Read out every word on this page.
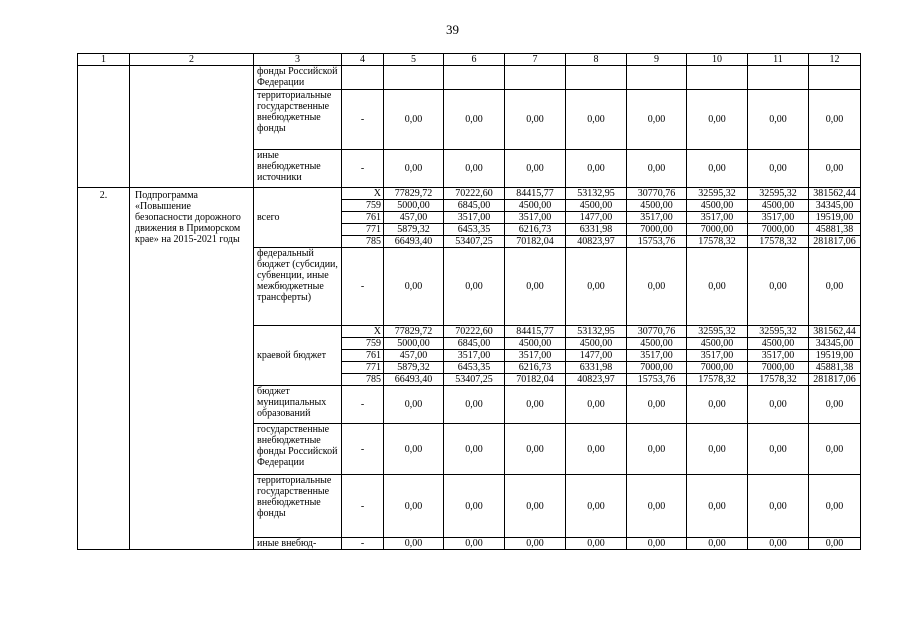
39
1	2	3	4	5	6	7	8	9	10	11	12
		фонды Российской Федерации									
		территориальные государственные внебюджетные фонды	-	0,00	0,00	0,00	0,00	0,00	0,00	0,00	0,00
		иные внебюджетные источники	-	0,00	0,00	0,00	0,00	0,00	0,00	0,00	0,00
2.	Подпрограмма «Повышение безопасности дорожного движения в Приморском крае» на 2015-2021 годы	всего	X	77829,72	70222,60	84415,77	53132,95	30770,76	32595,32	32595,32	381562,44
			759	5000,00	6845,00	4500,00	4500,00	4500,00	4500,00	4500,00	34345,00
			761	457,00	3517,00	3517,00	1477,00	3517,00	3517,00	3517,00	19519,00
			771	5879,32	6453,35	6216,73	6331,98	7000,00	7000,00	7000,00	45881,38
			785	66493,40	53407,25	70182,04	40823,97	15753,76	17578,32	17578,32	281817,06
		федеральный бюджет (субсидии, субвенции, иные межбюджетные трансферты)	-	0,00	0,00	0,00	0,00	0,00	0,00	0,00	0,00
		краевой бюджет	X	77829,72	70222,60	84415,77	53132,95	30770,76	32595,32	32595,32	381562,44
			759	5000,00	6845,00	4500,00	4500,00	4500,00	4500,00	4500,00	34345,00
			761	457,00	3517,00	3517,00	1477,00	3517,00	3517,00	3517,00	19519,00
			771	5879,32	6453,35	6216,73	6331,98	7000,00	7000,00	7000,00	45881,38
			785	66493,40	53407,25	70182,04	40823,97	15753,76	17578,32	17578,32	281817,06
		бюджет муниципальных образований	-	0,00	0,00	0,00	0,00	0,00	0,00	0,00	0,00
		государственные внебюджетные фонды Российской Федерации	-	0,00	0,00	0,00	0,00	0,00	0,00	0,00	0,00
		территориальные государственные внебюджетные фонды	-	0,00	0,00	0,00	0,00	0,00	0,00	0,00	0,00
		иные внебюд-	-	0,00	0,00	0,00	0,00	0,00	0,00	0,00	0,00
